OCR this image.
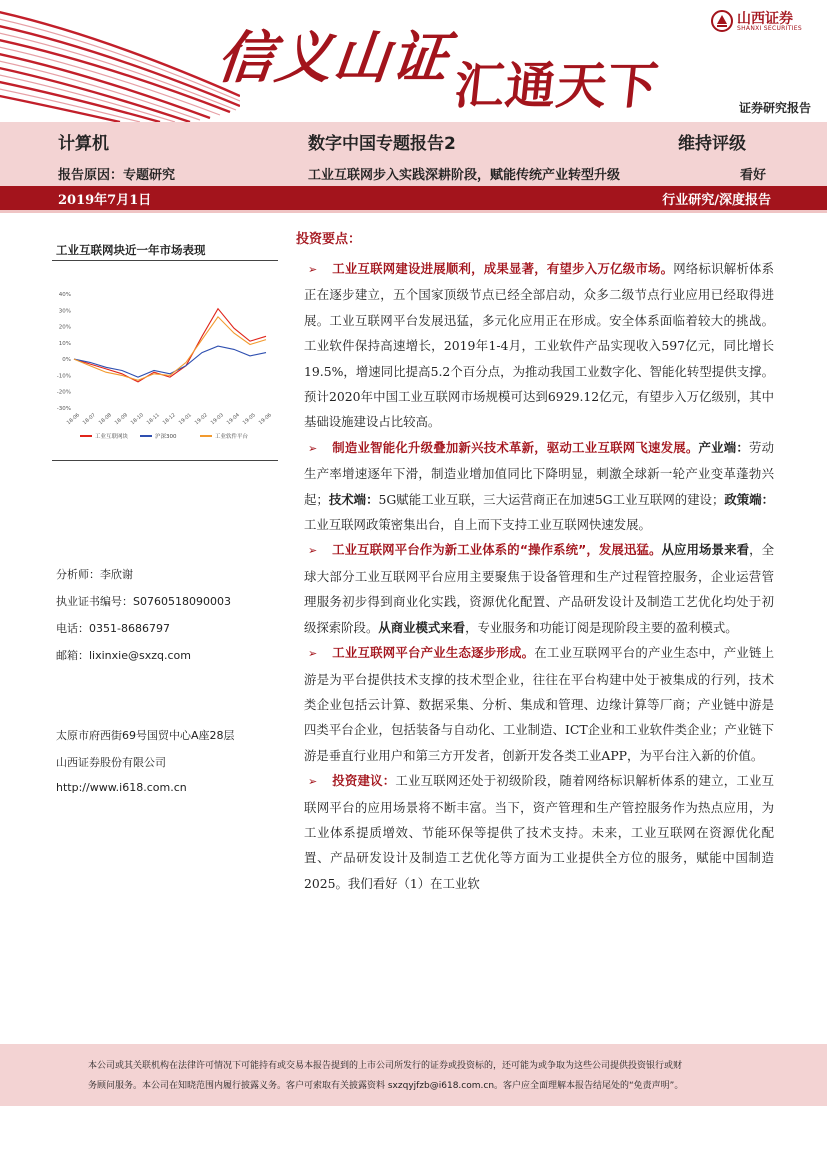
信义山证
汇通天下
山西证券
SHANXI SECURITIES
证券研究报告
计算机	数字中国专题报告2	维持评级
报告原因：专题研究	工业互联网步入实践深耕阶段，赋能传统产业转型升级	看好
2019年7月1日	行业研究/深度报告
工业互联网块近一年市场表现
40%
30%
20%
10%
0%
-10%
-20%
-30%
18-06 18-07 18-08 18-09 18-10 18-11 18-12 19-01 19-02 19-03 19-04 19-05 19-06
工业互联网块	沪深300	工业软件平台
分析师：李欣谢
执业证书编号：S0760518090003
电话：0351-8686797
邮箱：lixinxie@sxzq.com
太原市府西街69号国贸中心A座28层
山西证券股份有限公司
http://www.i618.com.cn
投资要点：

➢ 工业互联网建设进展顺利，成果显著，有望步入万亿级市场。网络标识解析体系正在逐步建立，五个国家顶级节点已经全部启动，众多二级节点行业应用已经取得进展。工业互联网平台发展迅猛，多元化应用正在形成。安全体系面临着较大的挑战。工业软件保持高速增长，2019年1-4月，工业软件产品实现收入597亿元，同比增长19.5%，增速同比提高5.2个百分点，为推动我国工业数字化、智能化转型提供支撑。预计2020年中国工业互联网市场规模可达到6929.12亿元，有望步入万亿级别，其中基础设施建设占比较高。

➢ 制造业智能化升级叠加新兴技术革新，驱动工业互联网飞速发展。产业端：劳动生产率增速逐年下滑，制造业增加值同比下降明显，刺激全球新一轮产业变革蓬勃兴起；技术端：5G赋能工业互联，三大运营商正在加速5G工业互联网的建设；政策端：工业互联网政策密集出台，自上而下支持工业互联网快速发展。

➢ 工业互联网平台作为新工业体系的“操作系统”，发展迅猛。从应用场景来看，全球大部分工业互联网平台应用主要聚焦于设备管理和生产过程管控服务，企业运营管理服务初步得到商业化实践，资源优化配置、产品研发设计及制造工艺优化均处于初级探索阶段。从商业模式来看，专业服务和功能订阅是现阶段主要的盈利模式。

➢ 工业互联网平台产业生态逐步形成。在工业互联网平台的产业生态中，产业链上游是为平台提供技术支撑的技术型企业，往往在平台构建中处于被集成的行列，技术类企业包括云计算、数据采集、分析、集成和管理、边缘计算等厂商；产业链中游是四类平台企业，包括装备与自动化、工业制造、ICT企业和工业软件类企业；产业链下游是垂直行业用户和第三方开发者，创新开发各类工业APP，为平台注入新的价值。

➢ 投资建议：工业互联网还处于初级阶段，随着网络标识解析体系的建立，工业互联网平台的应用场景将不断丰富。当下，资产管理和生产管控服务作为热点应用，为工业体系提质增效、节能环保等提供了技术支持。未来，工业互联网在资源优化配置、产品研发设计及制造工艺优化等方面为工业提供全方位的服务，赋能中国制造2025。我们看好（1）在工业软

本公司或其关联机构在法律许可情况下可能持有或交易本报告提到的上市公司所发行的证券或投资标的，还可能为或争取为这些公司提供投资银行或财
务顾问服务。本公司在知晓范围内履行披露义务。客户可索取有关披露资料 sxzqyjfzb@i618.com.cn。客户应全面理解本报告结尾处的“免责声明”。
